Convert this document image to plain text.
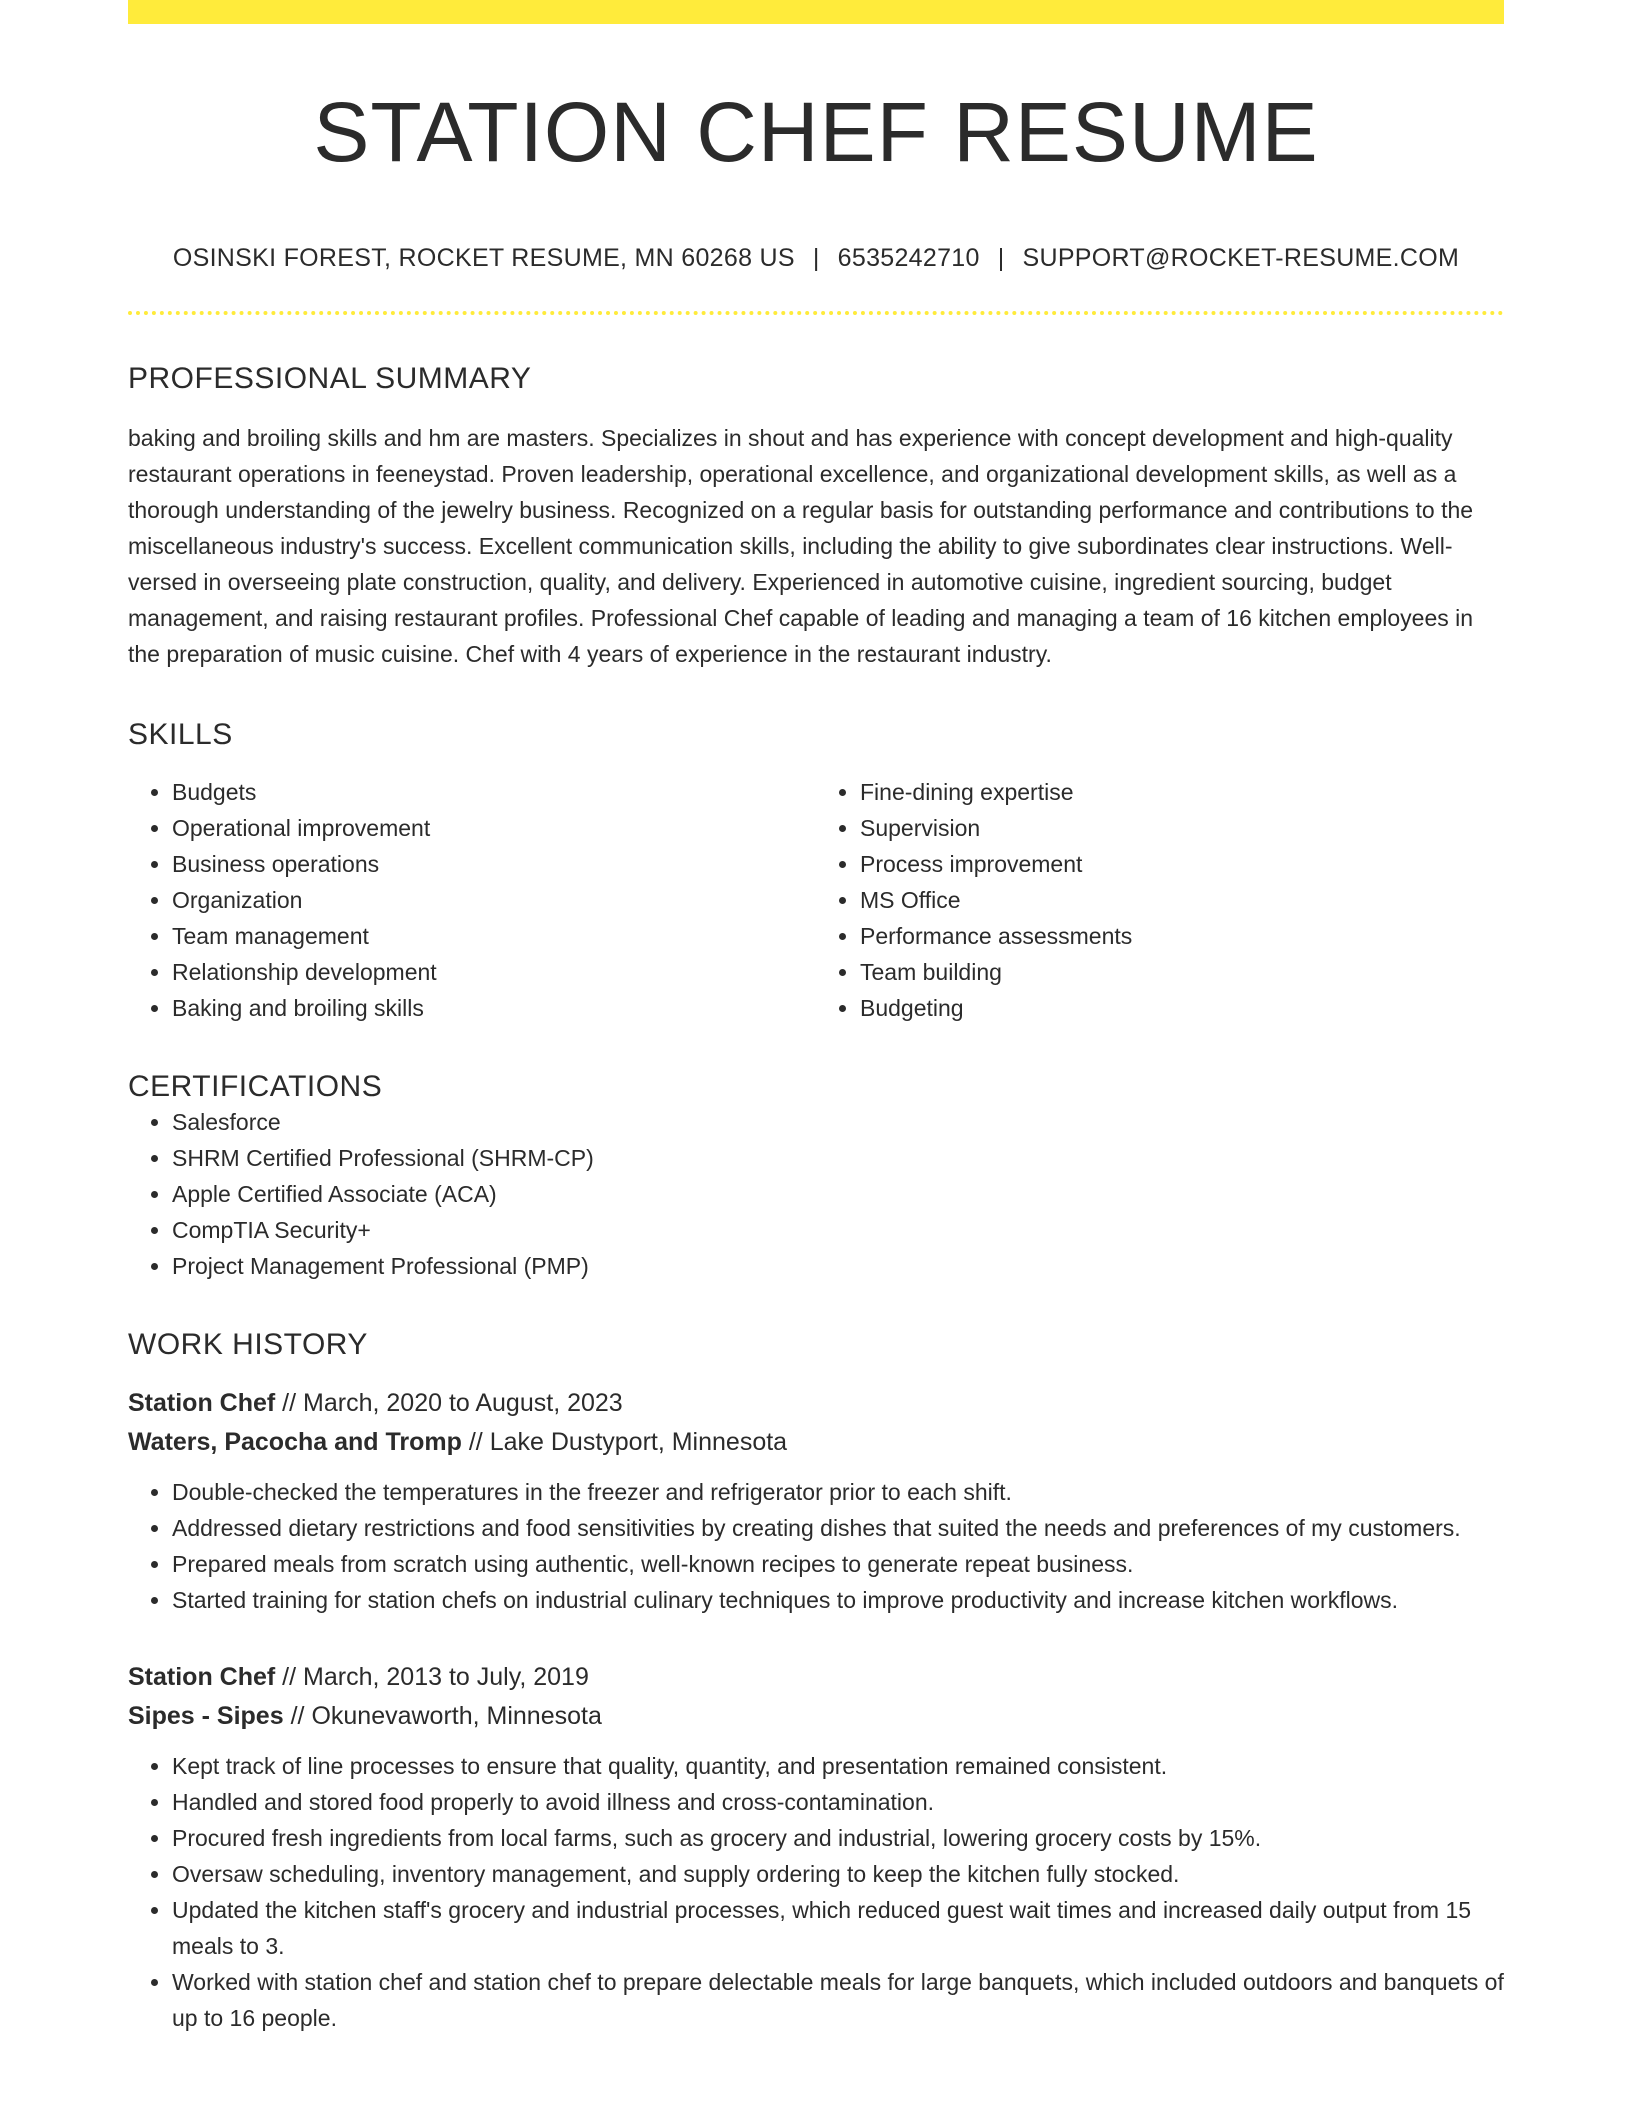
STATION CHEF RESUME
OSINSKI FOREST, ROCKET RESUME, MN 60268 US | 6535242710 | SUPPORT@ROCKET-RESUME.COM
PROFESSIONAL SUMMARY
baking and broiling skills and hm are masters. Specializes in shout and has experience with concept development and high-quality restaurant operations in feeneystad. Proven leadership, operational excellence, and organizational development skills, as well as a thorough understanding of the jewelry business. Recognized on a regular basis for outstanding performance and contributions to the miscellaneous industry's success. Excellent communication skills, including the ability to give subordinates clear instructions. Well-versed in overseeing plate construction, quality, and delivery. Experienced in automotive cuisine, ingredient sourcing, budget management, and raising restaurant profiles. Professional Chef capable of leading and managing a team of 16 kitchen employees in the preparation of music cuisine. Chef with 4 years of experience in the restaurant industry.
SKILLS
• Budgets
• Operational improvement
• Business operations
• Organization
• Team management
• Relationship development
• Baking and broiling skills
• Fine-dining expertise
• Supervision
• Process improvement
• MS Office
• Performance assessments
• Team building
• Budgeting
CERTIFICATIONS
• Salesforce
• SHRM Certified Professional (SHRM-CP)
• Apple Certified Associate (ACA)
• CompTIA Security+
• Project Management Professional (PMP)
WORK HISTORY
Station Chef // March, 2020 to August, 2023
Waters, Pacocha and Tromp // Lake Dustyport, Minnesota
• Double-checked the temperatures in the freezer and refrigerator prior to each shift.
• Addressed dietary restrictions and food sensitivities by creating dishes that suited the needs and preferences of my customers.
• Prepared meals from scratch using authentic, well-known recipes to generate repeat business.
• Started training for station chefs on industrial culinary techniques to improve productivity and increase kitchen workflows.
Station Chef // March, 2013 to July, 2019
Sipes - Sipes // Okunevaworth, Minnesota
• Kept track of line processes to ensure that quality, quantity, and presentation remained consistent.
• Handled and stored food properly to avoid illness and cross-contamination.
• Procured fresh ingredients from local farms, such as grocery and industrial, lowering grocery costs by 15%.
• Oversaw scheduling, inventory management, and supply ordering to keep the kitchen fully stocked.
• Updated the kitchen staff's grocery and industrial processes, which reduced guest wait times and increased daily output from 15 meals to 3.
• Worked with station chef and station chef to prepare delectable meals for large banquets, which included outdoors and banquets of up to 16 people.
